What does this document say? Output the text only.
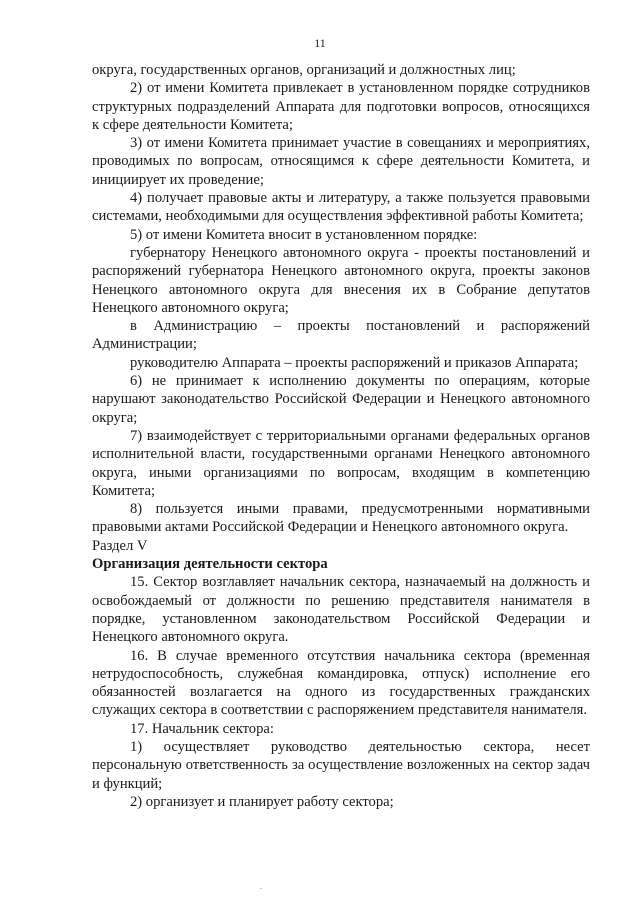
11

округа, государственных органов, организаций и должностных лиц;

2) от имени Комитета привлекает в установленном порядке сотрудников структурных подразделений Аппарата для подготовки вопросов, относящихся к сфере деятельности Комитета;

3) от имени Комитета принимает участие в совещаниях и мероприятиях, проводимых по вопросам, относящимся к сфере деятельности Комитета, и инициирует их проведение;

4) получает правовые акты и литературу, а также пользуется правовыми системами, необходимыми для осуществления эффективной работы Комитета;

5) от имени Комитета вносит в установленном порядке:

губернатору Ненецкого автономного округа - проекты постановлений и распоряжений губернатора Ненецкого автономного округа, проекты законов Ненецкого автономного округа для внесения их в Собрание депутатов Ненецкого автономного округа;

в Администрацию – проекты постановлений и распоряжений Администрации;

руководителю Аппарата – проекты распоряжений и приказов Аппарата;

6) не принимает к исполнению документы по операциям, которые нарушают законодательство Российской Федерации и Ненецкого автономного округа;

7) взаимодействует с территориальными органами федеральных органов исполнительной власти, государственными органами Ненецкого автономного округа, иными организациями по вопросам, входящим в компетенцию Комитета;

8) пользуется иными правами, предусмотренными нормативными правовыми актами Российской Федерации и Ненецкого автономного округа.

Раздел V

Организация деятельности сектора

15. Сектор возглавляет начальник сектора, назначаемый на должность и освобождаемый от должности по решению представителя нанимателя в порядке, установленном законодательством Российской Федерации и Ненецкого автономного округа.

16. В случае временного отсутствия начальника сектора (временная нетрудоспособность, служебная командировка, отпуск) исполнение его обязанностей возлагается на одного из государственных гражданских служащих сектора в соответствии с распоряжением представителя нанимателя.

17. Начальник сектора:

1) осуществляет руководство деятельностью сектора, несет персональную ответственность за осуществление возложенных на сектор задач и функций;

2) организует и планирует работу сектора;

.
